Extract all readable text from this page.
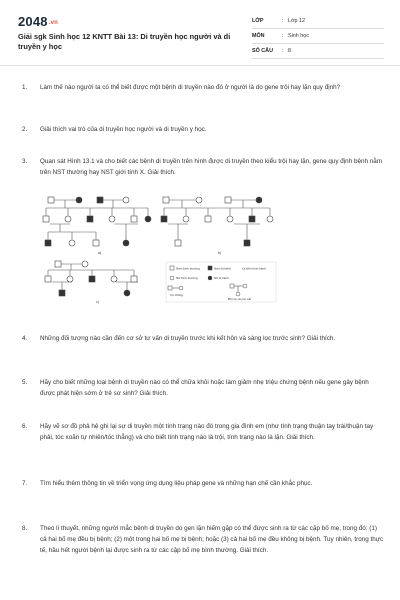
2048.vn
Giải sgk Sinh học 12 KNTT Bài 13: Di truyền học người và di truyền y học
LỚP	: Lớp 12
MÔN	: Sinh học
SỐ CÂU	: 8
1.	Làm thế nào người ta có thể biết được một bệnh di truyền nào đó ở người là do gene trội hay lặn quy định?
2.	Giải thích vai trò của di truyền học người và di truyền y học.
3.	Quan sát Hình 13.1 và cho biết các bệnh di truyền trên hình được di truyền theo kiểu trội hay lặn, gene quy định bệnh nằm trên NST thường hay NST giới tính X. Giải thích.
a)	b)
c)
Nam bình thường	Nam bị bệnh	Là kiểu hình bệnh
Nữ bình thường	Nữ bị bệnh
Vợ chồng
Bố mẹ và con cái
4.	Những đối tượng nào cần đến cơ sở tư vấn di truyền trước khi kết hôn và sàng lọc trước sinh? Giải thích.
5.	Hãy cho biết những loại bệnh di truyền nào có thể chữa khỏi hoặc làm giảm nhẹ triệu chứng bệnh nếu gene gây bệnh được phát hiện sớm ở trẻ sơ sinh? Giải thích.
6.	Hãy vẽ sơ đồ phả hệ ghi lại sự di truyền một tính trạng nào đó trong gia đình em (như tính trạng thuận tay trái/thuận tay phải, tóc xoăn tự nhiên/tóc thẳng) và cho biết tính trạng nào là trội, tính trạng nào là lặn. Giải thích.
7.	Tìm hiểu thêm thông tin về triển vọng ứng dụng liệu pháp gene và những hạn chế cần khắc phục.
8.	Theo lí thuyết, những người mắc bệnh di truyền do gen lặn hiếm gặp có thể được sinh ra từ các cặp bố mẹ, trong đó: (1) cả hai bố mẹ đều bị bệnh; (2) một trong hai bố mẹ bị bệnh; hoặc (3) cả hai bố mẹ đều không bị bệnh. Tuy nhiên, trong thực tế, hầu hết người bệnh lại được sinh ra từ các cặp bố mẹ bình thường. Giải thích.
